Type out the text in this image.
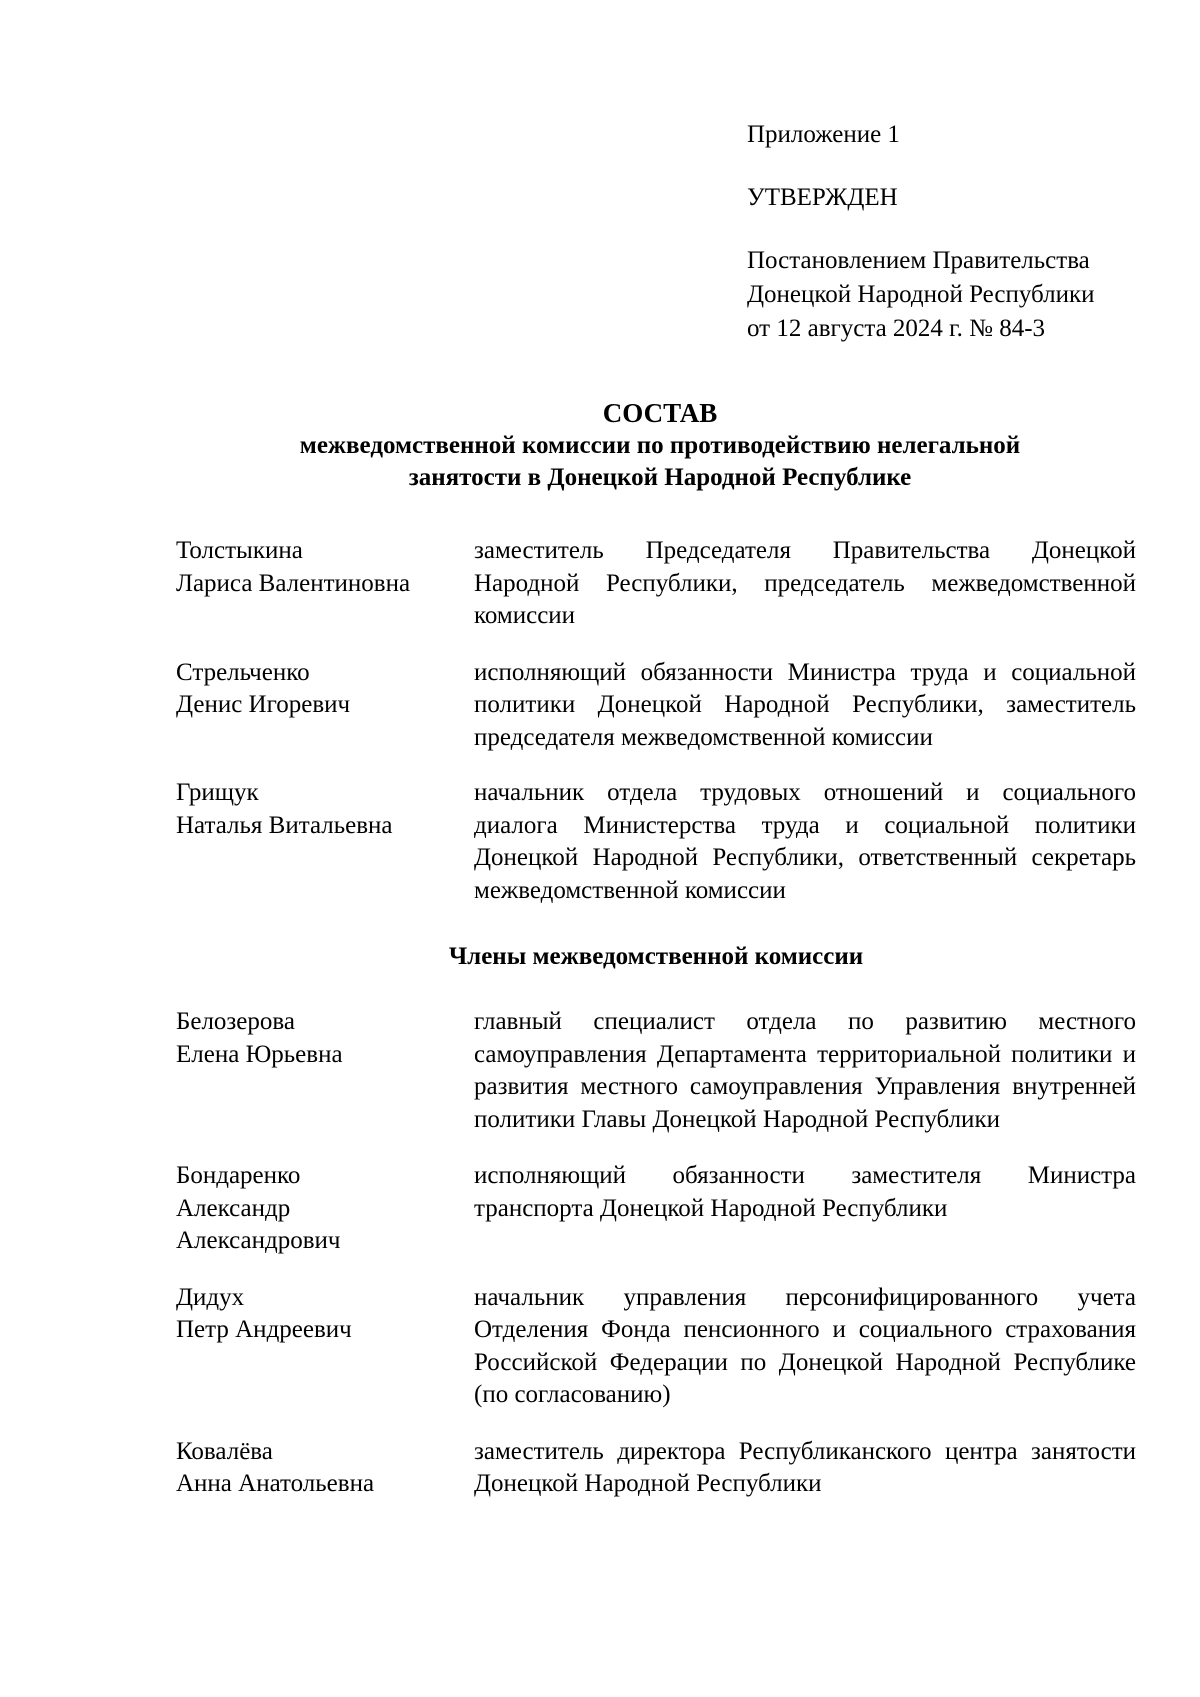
Приложение 1

УТВЕРЖДЕН

Постановлением Правительства
Донецкой Народной Республики
от 12 августа 2024 г. № 84-3
СОСТАВ
межведомственной комиссии по противодействию нелегальной
занятости в Донецкой Народной Республике
Толстыкина
Лариса Валентиновна
заместитель Председателя Правительства Донецкой Народной Республики, председатель межведомственной комиссии
Стрельченко
Денис Игоревич
исполняющий обязанности Министра труда и социальной политики Донецкой Народной Республики, заместитель председателя межведомственной комиссии
Грищук
Наталья Витальевна
начальник отдела трудовых отношений и социального диалога Министерства труда и социальной политики Донецкой Народной Республики, ответственный секретарь межведомственной комиссии
Члены межведомственной комиссии
Белозерова
Елена Юрьевна
главный специалист отдела по развитию местного самоуправления Департамента территориальной политики и развития местного самоуправления Управления внутренней политики Главы Донецкой Народной Республики
Бондаренко
Александр
Александрович
исполняющий обязанности заместителя Министра транспорта Донецкой Народной Республики
Дидух
Петр Андреевич
начальник управления персонифицированного учета Отделения Фонда пенсионного и социального страхования Российской Федерации по Донецкой Народной Республике (по согласованию)
Ковалёва
Анна Анатольевна
заместитель директора Республиканского центра занятости Донецкой Народной Республики
